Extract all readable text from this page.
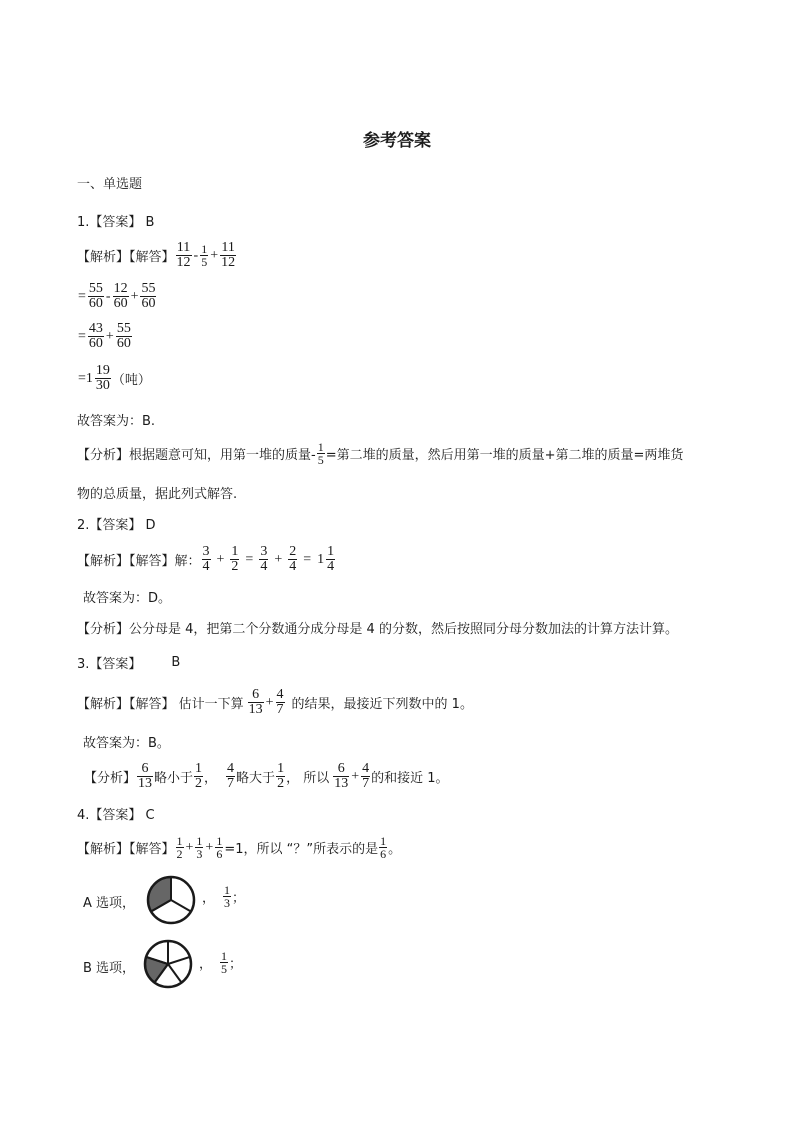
参考答案
一、单选题
1.【答案】 B
【解析】【解答】 $\frac{11}{12} - \frac{1}{5} + \frac{11}{12}$
= $\frac{55}{60} - \frac{12}{60} + \frac{55}{60}$
= $\frac{43}{60} + \frac{55}{60}$
$=1 \frac{19}{30}$ （吨）
故答案为：B.
【分析】根据题意可知，用第一堆的质量- $\frac{1}{5}$ =第二堆的质量，然后用第一堆的质量+第二堆的质量=两堆货
物的总质量，据此列式解答.
2.【答案】 D
【解析】【解答】解： $\frac{3}{4} + \frac{1}{2} = \frac{3}{4} + \frac{2}{4} = 1 \frac{1}{4}$
故答案为：D。
【分析】公分母是 4，把第二个分数通分成分母是 4 的分数，然后按照同分母分数加法的计算方法计算。
3.【答案】 B
【解析】【解答】 估计一下算 $\frac{6}{13} + \frac{4}{7}$ 的结果，最接近下列数中的 1。
故答案为：B。
【分析】 $\frac{6}{13}$ 略小于 $\frac{1}{2}$ ， $\frac{4}{7}$ 略大于 $\frac{1}{2}$ ， 所以 $\frac{6}{13} + \frac{4}{7}$ 的和接近 1。
4.【答案】 C
【解析】【解答】 $\frac{1}{2} + \frac{1}{3} + \frac{1}{6} =1$，所以 “？”所表示的是 $\frac{1}{6}$ 。
A 选项，	， $\frac{1}{3}$ ；
B 选项，	， $\frac{1}{5}$ ；
